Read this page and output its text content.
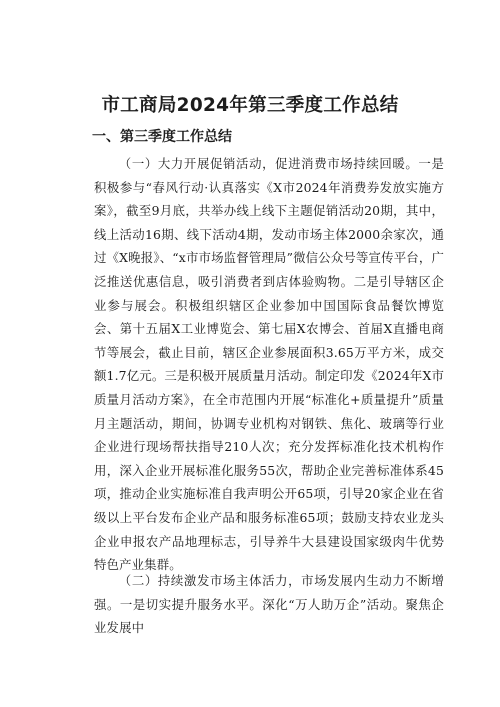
市工商局2024年第三季度工作总结
一、第三季度工作总结

（一）大力开展促销活动，促进消费市场持续回暖。一是积极参与“春风行动·认真落实《X市2024年消费券发放实施方案》，截至9月底，共举办线上线下主题促销活动20期，其中，线上活动16期、线下活动4期，发动市场主体2000余家次，通过《X晚报》、“x市市场监督管理局”微信公众号等宣传平台，广泛推送优惠信息，吸引消费者到店体验购物。二是引导辖区企业参与展会。积极组织辖区企业参加中国国际食品餐饮博览会、第十五届X工业博览会、第七届X农博会、首届X直播电商节等展会，截止目前，辖区企业参展面积3.65万平方米，成交额1.7亿元。三是积极开展质量月活动。制定印发《2024年X市质量月活动方案》，在全市范围内开展“标准化+质量提升”质量月主题活动，期间，协调专业机构对钢铁、焦化、玻璃等行业企业进行现场帮扶指导210人次；充分发挥标准化技术机构作用，深入企业开展标准化服务55次，帮助企业完善标准体系45项，推动企业实施标准自我声明公开65项，引导20家企业在省级以上平台发布企业产品和服务标准65项；鼓励支持农业龙头企业申报农产品地理标志，引导养牛大县建设国家级肉牛优势特色产业集群。

（二）持续激发市场主体活力，市场发展内生动力不断增强。一是切实提升服务水平。深化“万人助万企”活动。聚焦企业发展中
